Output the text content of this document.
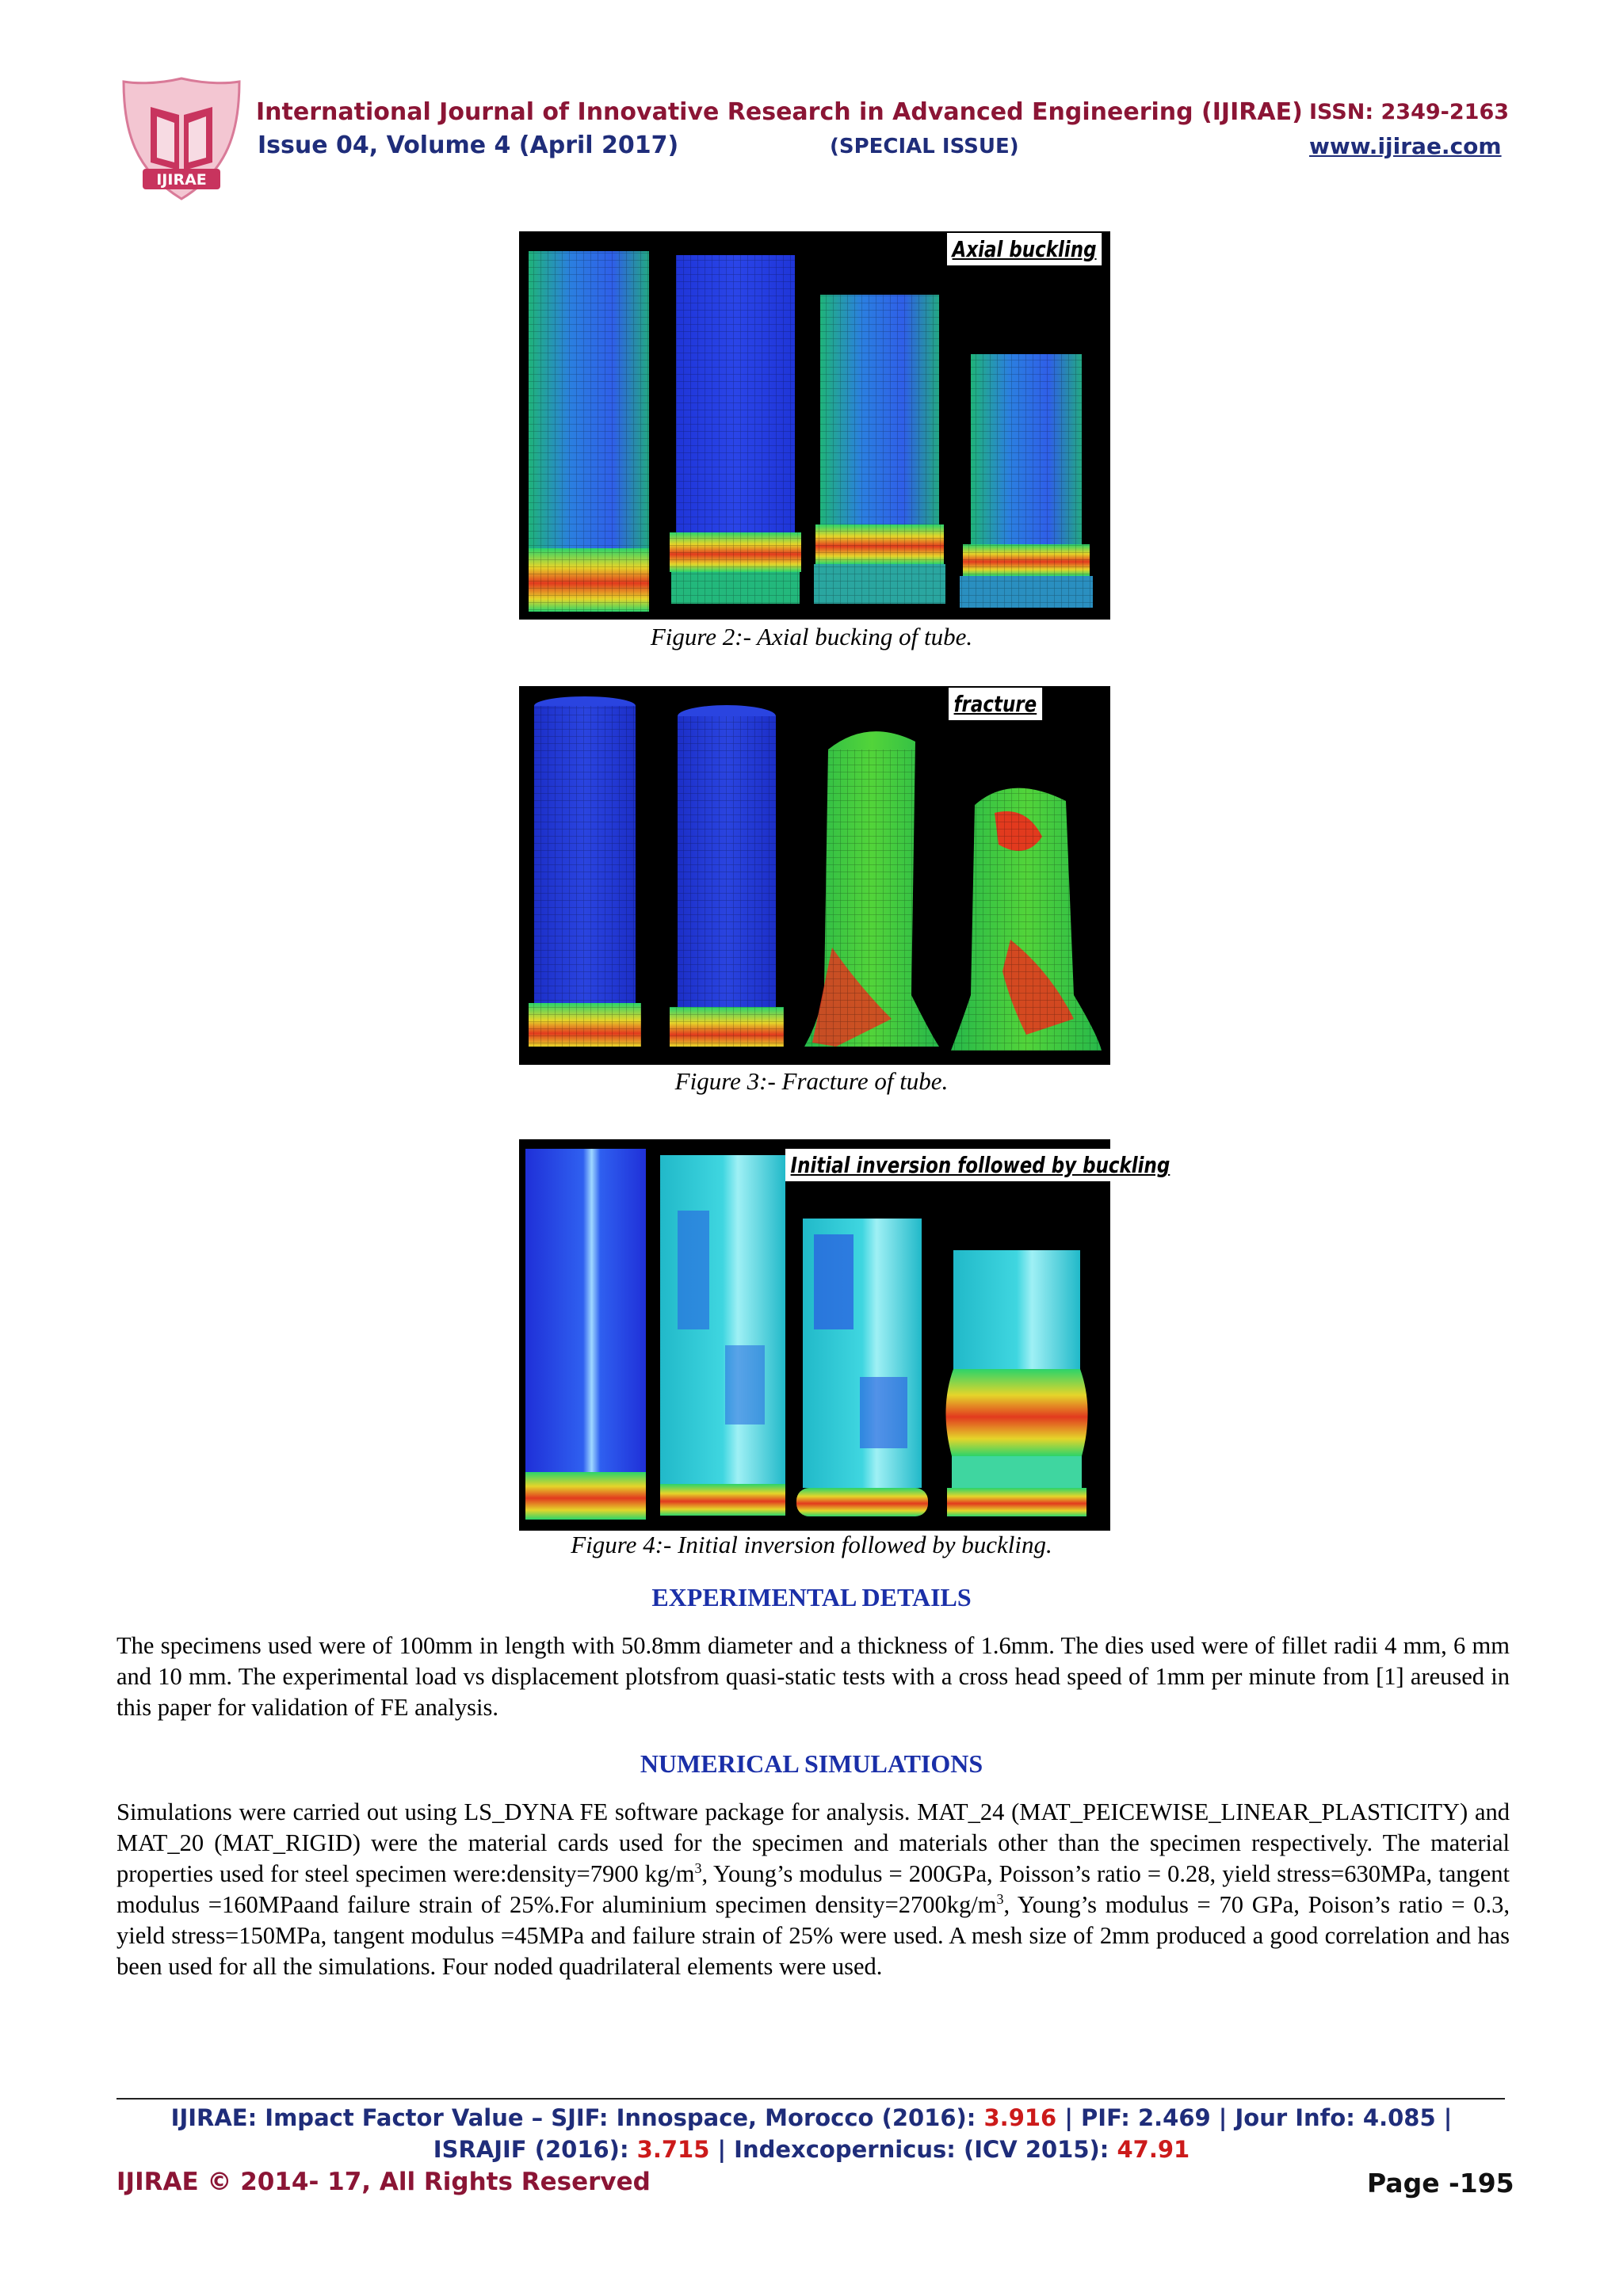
IJIRAE
International Journal of Innovative Research in Advanced Engineering (IJIRAE)
Issue 04, Volume 4 (April 2017)	(SPECIAL ISSUE)
ISSN: 2349-2163
www.ijirae.com
Axial buckling
Figure 2:- Axial bucking of tube.
fracture
Figure 3:- Fracture of tube.
Initial inversion followed by buckling
Figure 4:- Initial inversion followed by buckling.
EXPERIMENTAL DETAILS
The specimens used were of 100mm in length with 50.8mm diameter and a thickness of 1.6mm. The dies used were of fillet radii 4 mm, 6 mm and 10 mm. The experimental load vs displacement plotsfrom quasi-static tests with a cross head speed of 1mm per minute from [1] areused in this paper for validation of FE analysis.
NUMERICAL SIMULATIONS
Simulations were carried out using LS_DYNA FE software package for analysis. MAT_24 (MAT_PEICEWISE_LINEAR_PLASTICITY) and MAT_20 (MAT_RIGID) were the material cards used for the specimen and materials other than the specimen respectively. The material properties used for steel specimen were:density=7900 $kg/m^3$, Young’s modulus = 200GPa, Poisson’s ratio = 0.28, yield stress=630MPa, tangent modulus =160MPaand failure strain of 25%.For aluminium specimen $density=2700kg/m^3$, Young’s modulus = 70 GPa, Poison’s ratio = 0.3, yield stress=150MPa, tangent modulus =45MPa and failure strain of 25% were used. A mesh size of 2mm produced a good correlation and has been used for all the simulations. Four noded quadrilateral elements were used.
IJIRAE: Impact Factor Value – SJIF: Innospace, Morocco (2016): 3.916 | PIF: 2.469 | Jour Info: 4.085 |
ISRAJIF (2016): 3.715 | Indexcopernicus: (ICV 2015): 47.91
IJIRAE © 2014- 17, All Rights Reserved	Page -195
